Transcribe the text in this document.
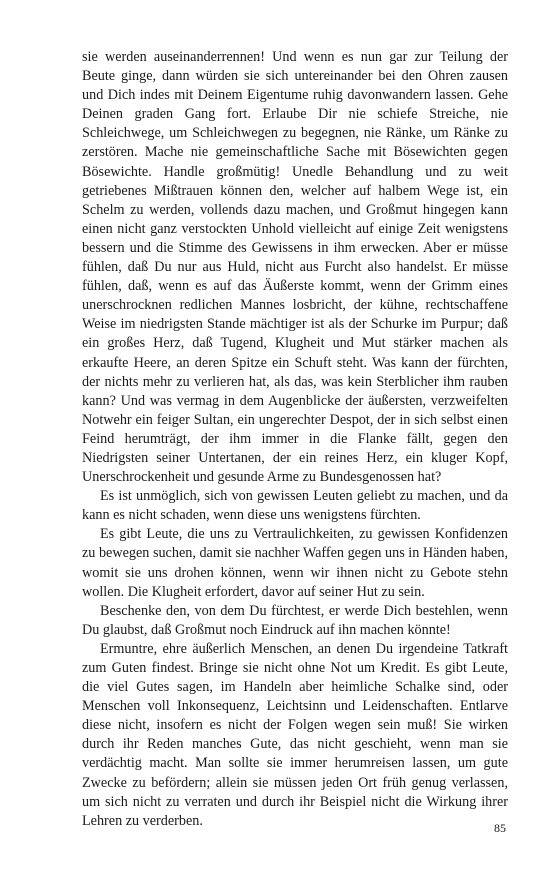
sie werden auseinanderrennen! Und wenn es nun gar zur Teilung der Beute ginge, dann würden sie sich untereinander bei den Ohren zausen und Dich indes mit Deinem Eigentume ruhig davonwandern lassen. Gehe Deinen graden Gang fort. Erlaube Dir nie schiefe Streiche, nie Schleichwege, um Schleichwegen zu begegnen, nie Ränke, um Ränke zu zerstören. Mache nie gemeinschaftliche Sache mit Bösewichten gegen Bösewichte. Handle großmütig! Unedle Behandlung und zu weit getriebenes Mißtrauen können den, welcher auf halbem Wege ist, ein Schelm zu werden, vollends dazu machen, und Großmut hingegen kann einen nicht ganz verstockten Unhold vielleicht auf einige Zeit wenigstens bessern und die Stimme des Gewissens in ihm erwecken. Aber er müsse fühlen, daß Du nur aus Huld, nicht aus Furcht also handelst. Er müsse fühlen, daß, wenn es auf das Äußerste kommt, wenn der Grimm eines unerschrocknen redlichen Mannes losbricht, der kühne, rechtschaffene Weise im niedrigsten Stande mächtiger ist als der Schurke im Purpur; daß ein großes Herz, daß Tugend, Klugheit und Mut stärker machen als erkaufte Heere, an deren Spitze ein Schuft steht. Was kann der fürchten, der nichts mehr zu verlieren hat, als das, was kein Sterblicher ihm rauben kann? Und was vermag in dem Augenblicke der äußersten, verzweifelten Notwehr ein feiger Sultan, ein ungerechter Despot, der in sich selbst einen Feind herumträgt, der ihm immer in die Flanke fällt, gegen den Niedrigsten seiner Untertanen, der ein reines Herz, ein kluger Kopf, Unerschrockenheit und gesunde Arme zu Bundesgenossen hat?

Es ist unmöglich, sich von gewissen Leuten geliebt zu machen, und da kann es nicht schaden, wenn diese uns wenigstens fürchten.

Es gibt Leute, die uns zu Vertraulichkeiten, zu gewissen Konfidenzen zu bewegen suchen, damit sie nachher Waffen gegen uns in Händen haben, womit sie uns drohen können, wenn wir ihnen nicht zu Gebote stehn wollen. Die Klugheit erfordert, davor auf seiner Hut zu sein.

Beschenke den, von dem Du fürchtest, er werde Dich bestehlen, wenn Du glaubst, daß Großmut noch Eindruck auf ihn machen könnte!

Ermuntre, ehre äußerlich Menschen, an denen Du irgendeine Tatkraft zum Guten findest. Bringe sie nicht ohne Not um Kredit. Es gibt Leute, die viel Gutes sagen, im Handeln aber heimliche Schalke sind, oder Menschen voll Inkonsequenz, Leichtsinn und Leidenschaften. Entlarve diese nicht, insofern es nicht der Folgen wegen sein muß! Sie wirken durch ihr Reden manches Gute, das nicht geschieht, wenn man sie verdächtig macht. Man sollte sie immer herumreisen lassen, um gute Zwecke zu befördern; allein sie müssen jeden Ort früh genug verlassen, um sich nicht zu verraten und durch ihr Beispiel nicht die Wirkung ihrer Lehren zu verderben.	85
